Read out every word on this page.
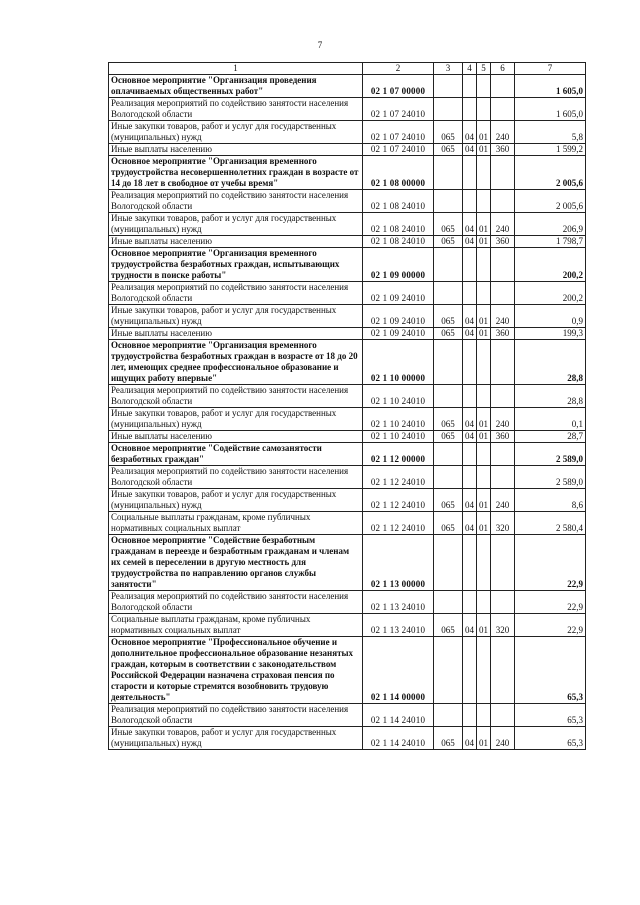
7
1	2	3	4	5	6	7
Основное мероприятие "Организация проведения оплачиваемых общественных работ"	02 1 07 00000					1 605,0
Реализация мероприятий по содействию занятости населения Вологодской области	02 1 07 24010					1 605,0
Иные закупки товаров, работ и услуг для государственных (муниципальных) нужд	02 1 07 24010	065	04	01	240	5,8
Иные выплаты населению	02 1 07 24010	065	04	01	360	1 599,2
Основное мероприятие "Организация временного трудоустройства несовершеннолетних граждан в возрасте от 14 до 18 лет в свободное от учебы время"	02 1 08 00000					2 005,6
Реализация мероприятий по содействию занятости населения Вологодской области	02 1 08 24010					2 005,6
Иные закупки товаров, работ и услуг для государственных (муниципальных) нужд	02 1 08 24010	065	04	01	240	206,9
Иные выплаты населению	02 1 08 24010	065	04	01	360	1 798,7
Основное мероприятие "Организация временного трудоустройства безработных граждан, испытывающих трудности в поиске работы"	02 1 09 00000					200,2
Реализация мероприятий по содействию занятости населения Вологодской области	02 1 09 24010					200,2
Иные закупки товаров, работ и услуг для государственных (муниципальных) нужд	02 1 09 24010	065	04	01	240	0,9
Иные выплаты населению	02 1 09 24010	065	04	01	360	199,3
Основное мероприятие "Организация временного трудоустройства безработных граждан в возрасте от 18 до 20 лет, имеющих среднее профессиональное образование и ищущих работу впервые"	02 1 10 00000					28,8
Реализация мероприятий по содействию занятости населения Вологодской области	02 1 10 24010					28,8
Иные закупки товаров, работ и услуг для государственных (муниципальных) нужд	02 1 10 24010	065	04	01	240	0,1
Иные выплаты населению	02 1 10 24010	065	04	01	360	28,7
Основное мероприятие "Содействие самозанятости безработных граждан"	02 1 12 00000					2 589,0
Реализация мероприятий по содействию занятости населения Вологодской области	02 1 12 24010					2 589,0
Иные закупки товаров, работ и услуг для государственных (муниципальных) нужд	02 1 12 24010	065	04	01	240	8,6
Социальные выплаты гражданам, кроме публичных нормативных социальных выплат	02 1 12 24010	065	04	01	320	2 580,4
Основное мероприятие "Содействие безработным гражданам в переезде и безработным гражданам и членам их семей в переселении в другую местность для трудоустройства по направлению органов службы занятости"	02 1 13 00000					22,9
Реализация мероприятий по содействию занятости населения Вологодской области	02 1 13 24010					22,9
Социальные выплаты гражданам, кроме публичных нормативных социальных выплат	02 1 13 24010	065	04	01	320	22,9
Основное мероприятие "Профессиональное обучение и дополнительное профессиональное образование незанятых граждан, которым в соответствии с законодательством Российской Федерации назначена страховая пенсия по старости и которые стремятся возобновить трудовую деятельность"	02 1 14 00000					65,3
Реализация мероприятий по содействию занятости населения Вологодской области	02 1 14 24010					65,3
Иные закупки товаров, работ и услуг для государственных (муниципальных) нужд	02 1 14 24010	065	04	01	240	65,3
